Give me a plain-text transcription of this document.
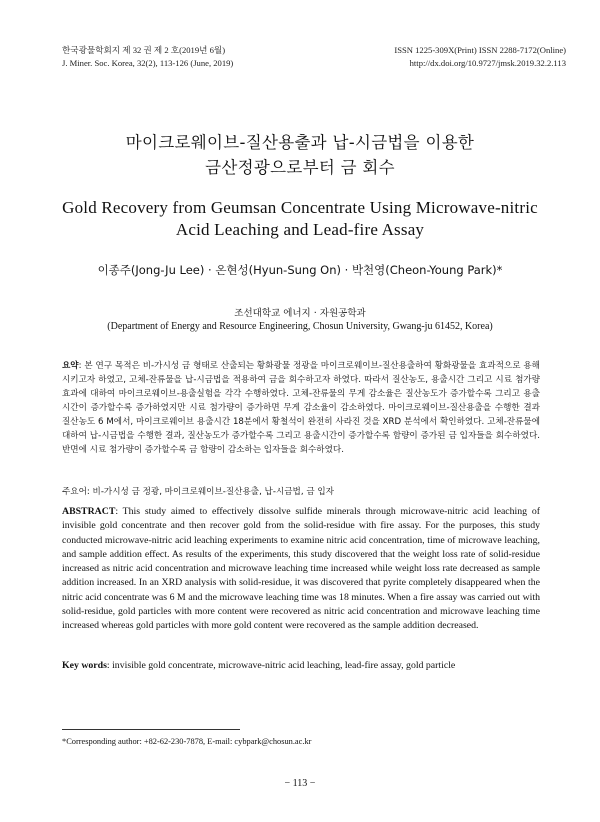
한국광물학회지 제 32 권 제 2 호(2019년 6월)
J. Miner. Soc. Korea, 32(2), 113-126 (June, 2019)
ISSN 1225-309X(Print) ISSN 2288-7172(Online)
http://dx.doi.org/10.9727/jmsk.2019.32.2.113
마이크로웨이브-질산용출과 납-시금법을 이용한
금산정광으로부터 금 회수
Gold Recovery from Geumsan Concentrate Using Microwave-nitric
Acid Leaching and Lead-fire Assay
이종주(Jong-Ju Lee) · 온현성(Hyun-Sung On) · 박천영(Cheon-Young Park)*
조선대학교 에너지 · 자원공학과
(Department of Energy and Resource Engineering, Chosun University, Gwang-ju 61452, Korea)

요약: 본 연구 목적은 비-가시성 금 형태로 산출되는 황화광물 정광을 마이크로웨이브-질산용출하여 황화광물을 효과적으로 용해시키고자 하였고, 고체-잔류물을 납-시금법을 적용하여 금을 회수하고자 하였다. 따라서 질산농도, 용출시간 그리고 시료 첨가량 효과에 대하여 마이크로웨이브-용출실험을 각각 수행하였다. 고체-잔류물의 무게 감소율은 질산농도가 증가할수록 그리고 용출시간이 증가할수록 증가하였지만 시료 첨가량이 증가하면 무게 감소율이 감소하였다. 마이크로웨이브-질산용출을 수행한 결과 질산농도 6 M에서, 마이크로웨이브 용출시간 18분에서 황철석이 완전히 사라진 것을 XRD 분석에서 확인하였다. 고체-잔류물에 대하여 납-시금법을 수행한 결과, 질산농도가 증가할수록 그리고 용출시간이 증가할수록 함량이 증가된 금 입자들을 회수하였다. 반면에 시료 첨가량이 증가할수록 금 함량이 감소하는 입자들을 회수하였다.

주요어: 비-가시성 금 정광, 마이크로웨이브-질산용출, 납-시금법, 금 입자

ABSTRACT: This study aimed to effectively dissolve sulfide minerals through microwave-nitric acid leaching of invisible gold concentrate and then recover gold from the solid-residue with fire assay. For the purposes, this study conducted microwave-nitric acid leaching experiments to examine nitric acid concentration, time of microwave leaching, and sample addition effect. As results of the experiments, this study discovered that the weight loss rate of solid-residue increased as nitric acid concentration and microwave leaching time increased while weight loss rate decreased as sample addition increased. In an XRD analysis with solid-residue, it was discovered that pyrite completely disappeared when the nitric acid concentrate was 6 M and the microwave leaching time was 18 minutes. When a fire assay was carried out with solid-residue, gold particles with more content were recovered as nitric acid concentration and microwave leaching time increased whereas gold particles with more gold content were recovered as the sample addition decreased.

Key words: invisible gold concentrate, microwave-nitric acid leaching, lead-fire assay, gold particle
*Corresponding author: +82-62-230-7878, E-mail: cybpark@chosun.ac.kr
− 113 −
